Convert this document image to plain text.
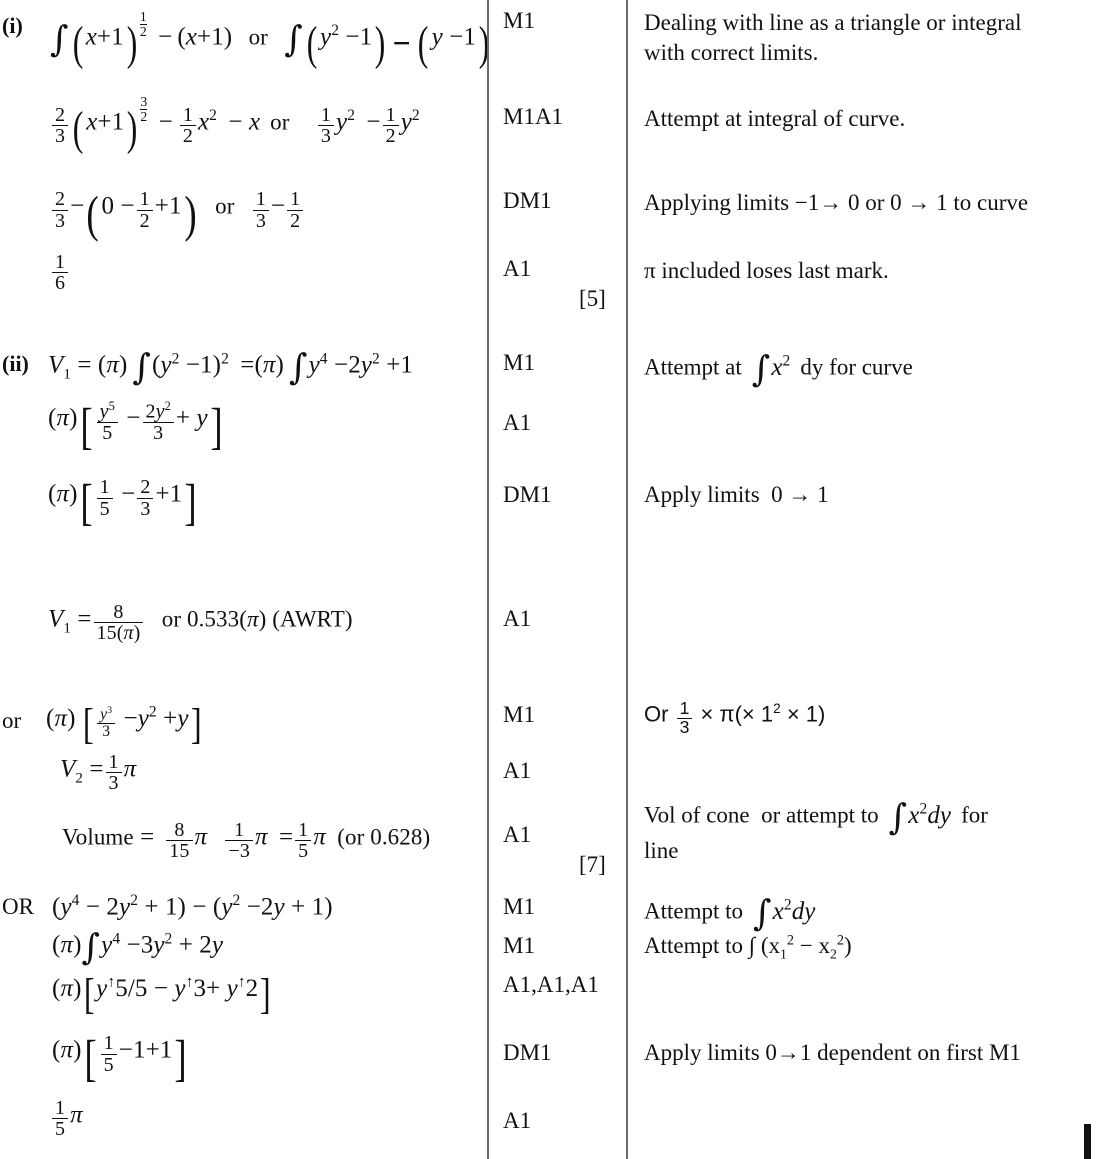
(i) ∫( $x+1) \frac{1}{2} - (x+1)$ or ∫( $y^2 -1$) − ( y −1)
$\frac{2}{3}$ ( $x+1) \frac{3}{2} - \frac{1}{2} x^2 - x$ or $\frac{1}{3} y^2 - \frac{1}{2} y^2$
$\frac{2}{3} -(0 - \frac{1}{2} +1)$ or $\frac{1}{3} - \frac{1}{2}$
$\frac{1}{6}$
(ii) $V_1 = (\pi)$ $\int(y^2 -1)^2 =(\pi)$ $\int y^4 -2y^2 +1$
$(\pi)[ \frac{y^5}{5} - \frac{2y^2}{3} + y]$
$(\pi)[ \frac{1}{5} - \frac{2}{3} +1]$
$V_1 = \frac{8}{15(\pi)}$ or 0.533(π) (AWRT)
or (π) [ $\frac{y^3}{3} -y^2 +y$]
$V_2 = \frac{1}{3}$ π
Volume = $\frac{8}{15}$ π $\frac{1}{-3}$ $\pi = \frac{1}{5}$ π (or 0.628)
OR $(y^4 - 2y^2 + 1) - (y^2 -2y + 1)$
$(\pi)\int y^4 -3y^2 + 2y$
(π)[y↑5/5 − y↑3+ y↑2]
$(\pi)[ \frac{1}{5} -1+1]$
$\frac{1}{5}$ π
M1
M1A1
DM1
A1
[5]
M1
A1
DM1
A1
M1
A1
A1
[7]
M1
M1
A1,A1,A1
DM1
A1
Dealing with line as a triangle or integral with correct limits.
Attempt at integral of curve.
Applying limits −1→ 0 or 0 → 1 to curve
π included loses last mark.
Attempt at $\int x^2$ dy for curve
Apply limits  0 → 1
Or $\frac{1}{3} \times \pi(\times 1^2 \times 1)$
Vol of cone  or attempt to $\int x^2dy$ for
line
Attempt to $\int x^2dy$
Attempt to ∫ $(x_1^2 - x_2^2)$
Apply limits 0→1 dependent on first M1
